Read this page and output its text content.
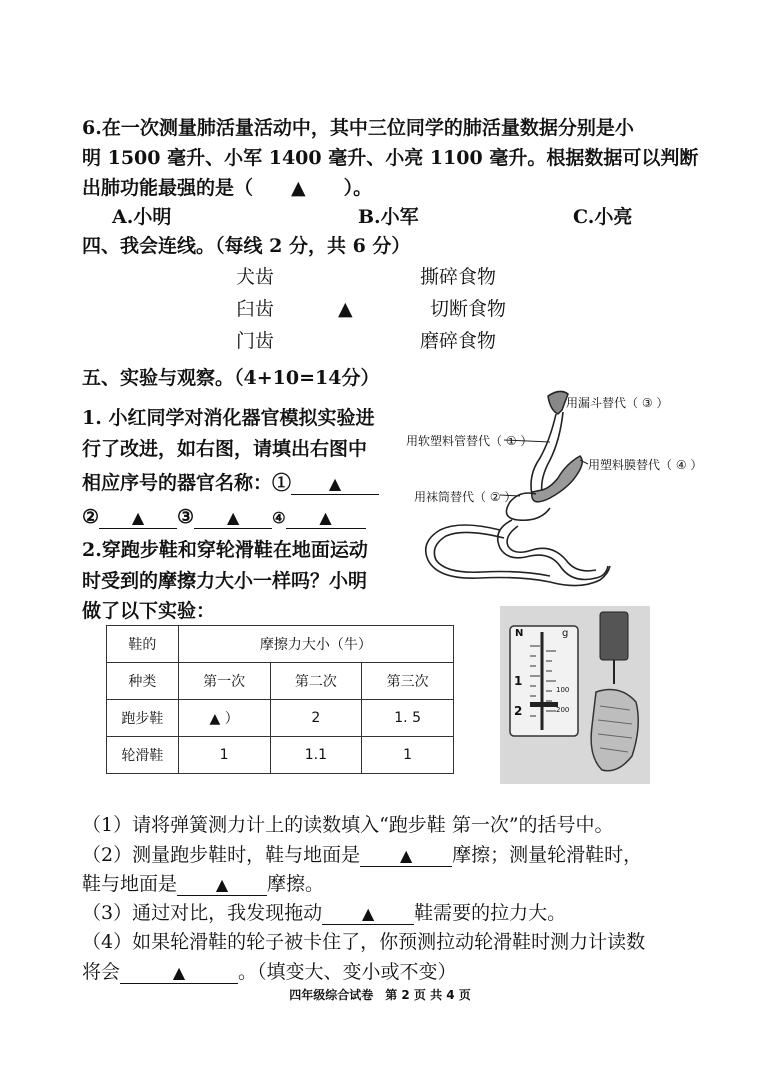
6.在一次测量肺活量活动中，其中三位同学的肺活量数据分别是小
明 1500 毫升、小军 1400 毫升、小亮 1100 毫升。根据数据可以判断
出肺功能最强的是（　　▲　　）。
A.小明	B.小军	C.小亮
四、我会连线。（每线 2 分，共 6 分）
犬齿
臼齿
门齿
▲
撕碎食物
切断食物
磨碎食物
五、实验与观察。（4+10=14分）
1. 小红同学对消化器官模拟实验进
行了改进，如右图，请填出右图中
相应序号的器官名称：① ▲
② ▲ ③ ▲ ④ ▲
2.穿跑步鞋和穿轮滑鞋在地面运动
时受到的摩擦力大小一样吗？小明
做了以下实验：
用漏斗替代（ ③ ）
用软塑料管替代（ ① ）
用塑料膜替代（ ④ ）
用袜筒替代（ ② ）
鞋的	摩擦力大小（牛）		
种类	第一次	第二次	第三次
跑步鞋	▲ ）	2	1. 5
轮滑鞋	1	1.1	1
N	g
1
2
100
200
（1）请将弹簧测力计上的读数填入“跑步鞋 第一次”的括号中。
（2）测量跑步鞋时，鞋与地面是 ▲ 摩擦；测量轮滑鞋时，
鞋与地面是 ▲ 摩擦。
（3）通过对比，我发现拖动 ▲ 鞋需要的拉力大。
（4）如果轮滑鞋的轮子被卡住了，你预测拉动轮滑鞋时测力计读数
将会	▲	。（填变大、变小或不变）
四年级综合试卷　第 2 页 共 4 页
